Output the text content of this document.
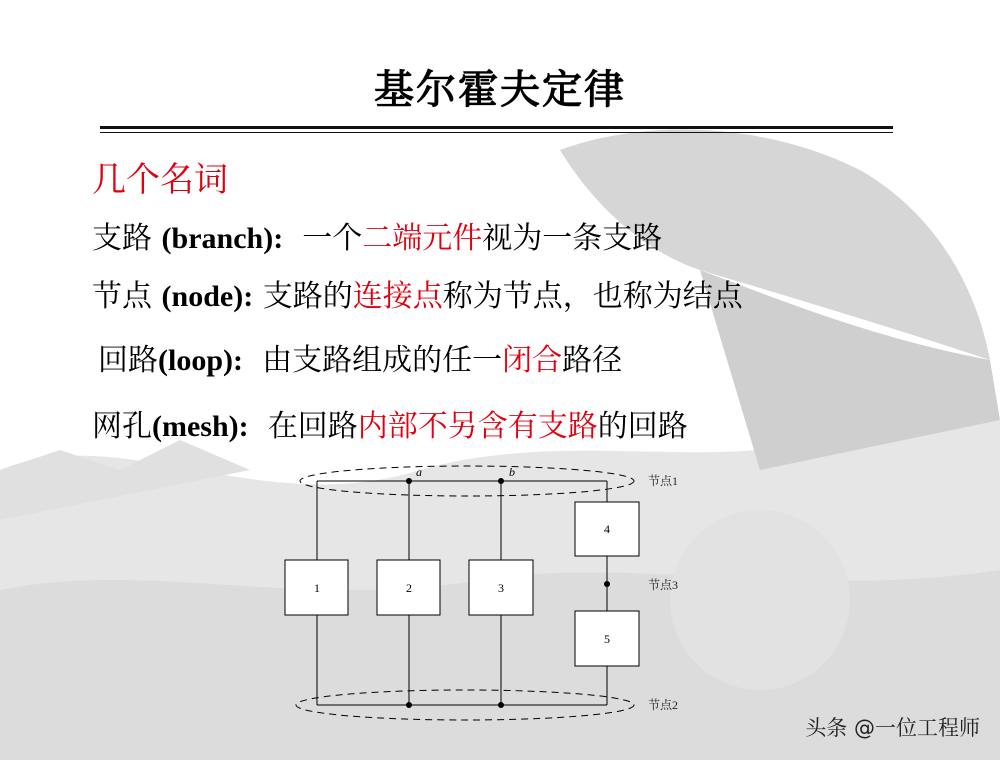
基尔霍夫定律
几个名词
支路 (branch): 一个二端元件视为一条支路
节点 (node): 支路的连接点称为节点，也称为结点
回路(loop): 由支路组成的任一闭合路径
网孔(mesh): 在回路内部不另含有支路的回路
1	2	3
4
5
a	b
节点1
节点3
节点2
头条 @一位工程师
